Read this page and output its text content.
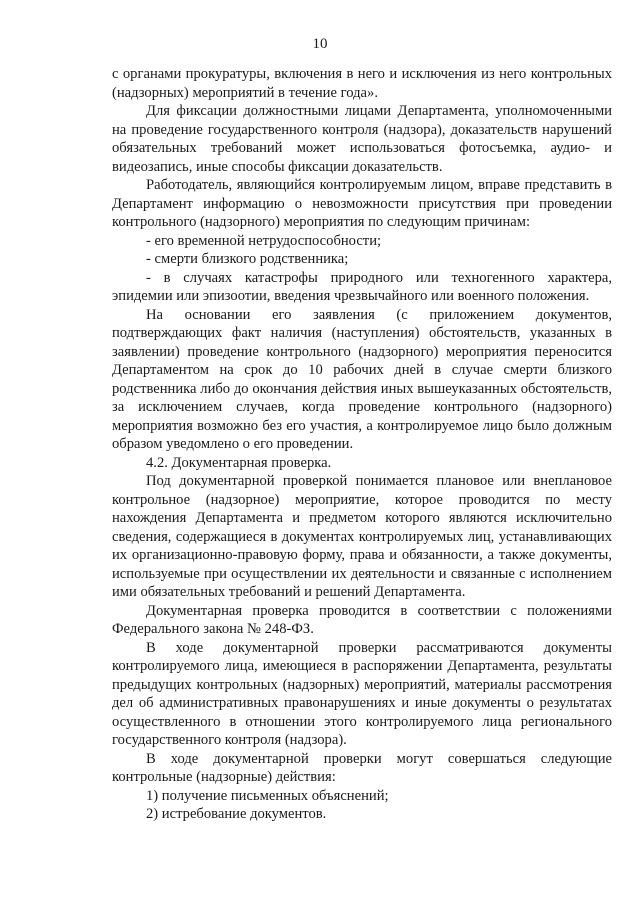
10

с органами прокуратуры, включения в него и исключения из него контрольных (надзорных) мероприятий в течение года».

Для фиксации должностными лицами Департамента, уполномоченными на проведение государственного контроля (надзора), доказательств нарушений обязательных требований может использоваться фотосъемка, аудио- и видеозапись, иные способы фиксации доказательств.

Работодатель, являющийся контролируемым лицом, вправе представить в Департамент информацию о невозможности присутствия при проведении контрольного (надзорного) мероприятия по следующим причинам:

- его временной нетрудоспособности;

- смерти близкого родственника;

- в случаях катастрофы природного или техногенного характера, эпидемии или эпизоотии, введения чрезвычайного или военного положения.

На основании его заявления (с приложением документов, подтверждающих факт наличия (наступления) обстоятельств, указанных в заявлении) проведение контрольного (надзорного) мероприятия переносится Департаментом на срок до 10 рабочих дней в случае смерти близкого родственника либо до окончания действия иных вышеуказанных обстоятельств, за исключением случаев, когда проведение контрольного (надзорного) мероприятия возможно без его участия, а контролируемое лицо было должным образом уведомлено о его проведении.

4.2. Документарная проверка.

Под документарной проверкой понимается плановое или внеплановое контрольное (надзорное) мероприятие, которое проводится по месту нахождения Департамента и предметом которого являются исключительно сведения, содержащиеся в документах контролируемых лиц, устанавливающих их организационно-правовую форму, права и обязанности, а также документы, используемые при осуществлении их деятельности и связанные с исполнением ими обязательных требований и решений Департамента.

Документарная проверка проводится в соответствии с положениями Федерального закона № 248-ФЗ.

В ходе документарной проверки рассматриваются документы контролируемого лица, имеющиеся в распоряжении Департамента, результаты предыдущих контрольных (надзорных) мероприятий, материалы рассмотрения дел об административных правонарушениях и иные документы о результатах осуществленного в отношении этого контролируемого лица регионального государственного контроля (надзора).

В ходе документарной проверки могут совершаться следующие контрольные (надзорные) действия:

1) получение письменных объяснений;

2) истребование документов.
